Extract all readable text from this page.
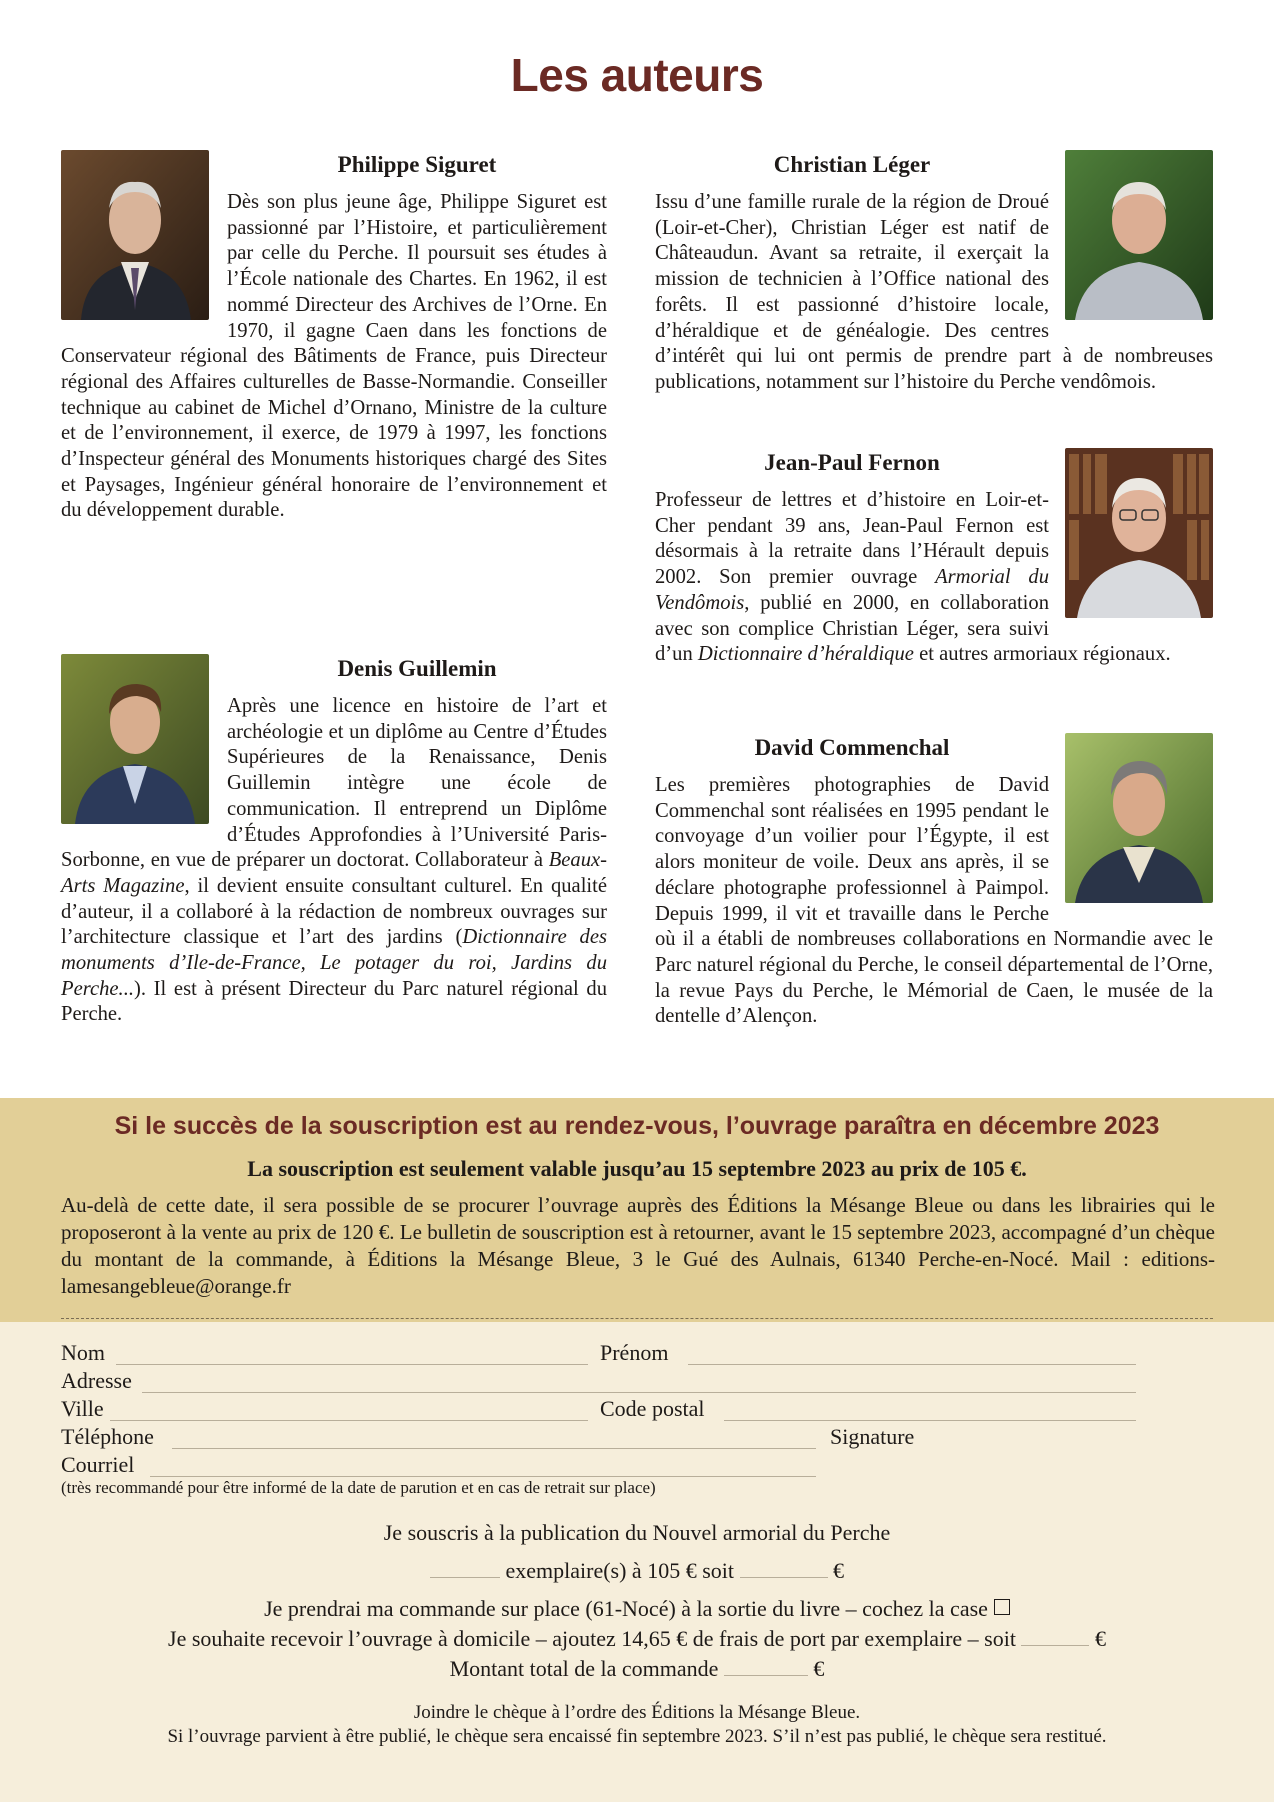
Les auteurs
Philippe Siguret

Dès son plus jeune âge, Philippe Siguret est passionné par l’Histoire, et particulièrement par celle du Perche. Il poursuit ses études à l’École nationale des Chartes. En 1962, il est nommé Directeur des Archives de l’Orne. En 1970, il gagne Caen dans les fonctions de Conservateur régional des Bâtiments de France, puis Directeur régional des Affaires culturelles de Basse-Normandie. Conseiller technique au cabinet de Michel d’Ornano, Ministre de la culture et de l’environnement, il exerce, de 1979 à 1997, les fonctions d’Inspecteur général des Monuments historiques chargé des Sites et Paysages, Ingénieur général honoraire de l’environnement et du développement durable.

Denis Guillemin

Après une licence en histoire de l’art et archéologie et un diplôme au Centre d’Études Supérieures de la Renaissance, Denis Guillemin intègre une école de communication. Il entreprend un Diplôme d’Études Approfondies à l’Université Paris-Sorbonne, en vue de préparer un doctorat. Collaborateur à Beaux-Arts Magazine, il devient ensuite consultant culturel. En qualité d’auteur, il a collaboré à la rédaction de nombreux ouvrages sur l’architecture classique et l’art des jardins (Dictionnaire des monuments d’Ile-de-France, Le potager du roi, Jardins du Perche...). Il est à présent Directeur du Parc naturel régional du Perche.

Christian Léger

Issu d’une famille rurale de la région de Droué (Loir-et-Cher), Christian Léger est natif de Châteaudun. Avant sa retraite, il exerçait la mission de technicien à l’Office national des forêts. Il est passionné d’histoire locale, d’héraldique et de généalogie. Des centres d’intérêt qui lui ont permis de prendre part à de nombreuses publications, notamment sur l’histoire du Perche vendômois.

Jean-Paul Fernon

Professeur de lettres et d’histoire en Loir-et-Cher pendant 39 ans, Jean-Paul Fernon est désormais à la retraite dans l’Hérault depuis 2002. Son premier ouvrage Armorial du Vendômois, publié en 2000, en collaboration avec son complice Christian Léger, sera suivi d’un Dictionnaire d’héraldique et autres armoriaux régionaux.

David Commenchal

Les premières photographies de David Commenchal sont réalisées en 1995 pendant le convoyage d’un voilier pour l’Égypte, il est alors moniteur de voile. Deux ans après, il se déclare photographe professionnel à Paimpol. Depuis 1999, il vit et travaille dans le Perche où il a établi de nombreuses collaborations en Normandie avec le Parc naturel régional du Perche, le conseil départemental de l’Orne, la revue Pays du Perche, le Mémorial de Caen, le musée de la dentelle d’Alençon.

Si le succès de la souscription est au rendez-vous, l’ouvrage paraîtra en décembre 2023
La souscription est seulement valable jusqu’au 15 septembre 2023 au prix de 105 €.
Au-delà de cette date, il sera possible de se procurer l’ouvrage auprès des Éditions la Mésange Bleue ou dans les librairies qui le proposeront à la vente au prix de 120 €. Le bulletin de souscription est à retourner, avant le 15 septembre 2023, accompagné d’un chèque du montant de la commande, à Éditions la Mésange Bleue, 3 le Gué des Aulnais, 61340 Perche-en-Nocé. Mail : editions-lamesangebleue@orange.fr
Nom	Prénom
Adresse
Ville	Code postal
Téléphone	Signature
Courriel
(très recommandé pour être informé de la date de parution et en cas de retrait sur place)
Je souscris à la publication du Nouvel armorial du Perche
exemplaire(s) à 105 € soit	€
Je prendrai ma commande sur place (61-Nocé) à la sortie du livre – cochez la case
Je souhaite recevoir l’ouvrage à domicile – ajoutez 14,65 € de frais de port par exemplaire – soit	€
Montant total de la commande	€
Joindre le chèque à l’ordre des Éditions la Mésange Bleue.
Si l’ouvrage parvient à être publié, le chèque sera encaissé fin septembre 2023. S’il n’est pas publié, le chèque sera restitué.
